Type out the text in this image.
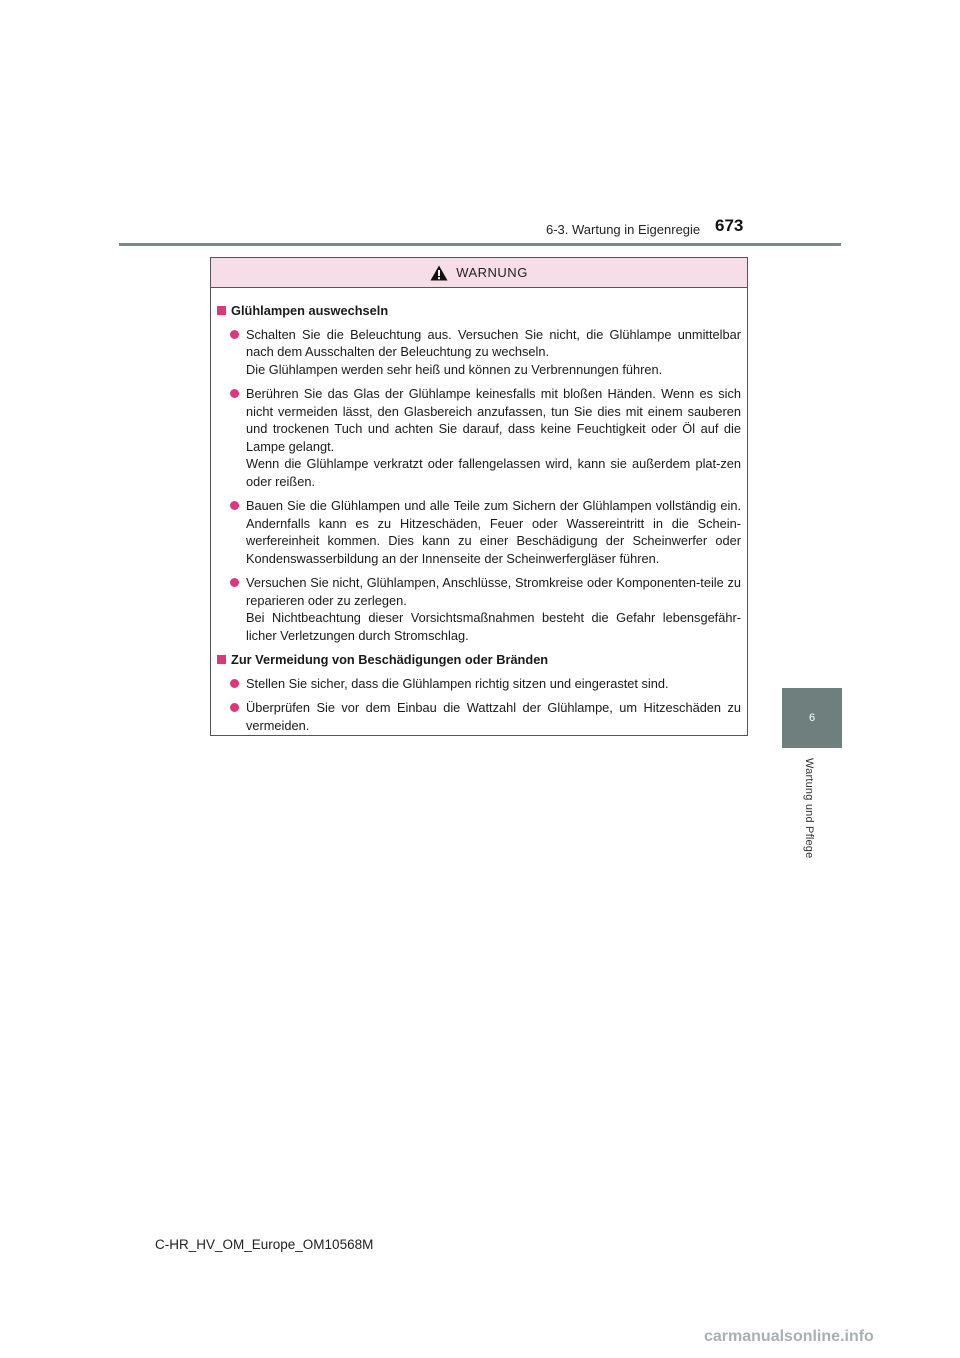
6-3. Wartung in Eigenregie 673
6
Wartung und Pflege
WARNUNG
Glühlampen auswechseln

Schalten Sie die Beleuchtung aus. Versuchen Sie nicht, die Glühlampe unmittelbar nach dem Ausschalten der Beleuchtung zu wechseln.

Die Glühlampen werden sehr heiß und können zu Verbrennungen führen.

Berühren Sie das Glas der Glühlampe keinesfalls mit bloßen Händen. Wenn es sich nicht vermeiden lässt, den Glasbereich anzufassen, tun Sie dies mit einem sauberen und trockenen Tuch und achten Sie darauf, dass keine Feuchtigkeit oder Öl auf die Lampe gelangt.

Wenn die Glühlampe verkratzt oder fallengelassen wird, kann sie außerdem plat-zen oder reißen.

Bauen Sie die Glühlampen und alle Teile zum Sichern der Glühlampen vollständig ein. Andernfalls kann es zu Hitzeschäden, Feuer oder Wassereintritt in die Schein-werfereinheit kommen. Dies kann zu einer Beschädigung der Scheinwerfer oder Kondenswasserbildung an der Innenseite der Scheinwerfergläser führen.

Versuchen Sie nicht, Glühlampen, Anschlüsse, Stromkreise oder Komponenten-teile zu reparieren oder zu zerlegen.

Bei Nichtbeachtung dieser Vorsichtsmaßnahmen besteht die Gefahr lebensgefähr-licher Verletzungen durch Stromschlag.

Zur Vermeidung von Beschädigungen oder Bränden

Stellen Sie sicher, dass die Glühlampen richtig sitzen und eingerastet sind.

Überprüfen Sie vor dem Einbau die Wattzahl der Glühlampe, um Hitzeschäden zu vermeiden.

C-HR_HV_OM_Europe_OM10568M
carmanualsonline.info
